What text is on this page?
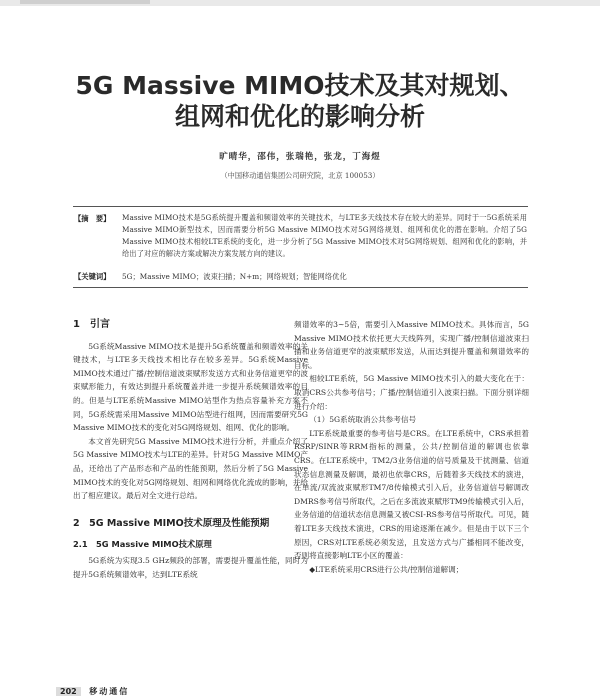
5G Massive MIMO技术及其对规划、
组网和优化的影响分析
旷晴华，邵伟，张瑞艳，张龙，丁海煜
（中国移动通信集团公司研究院，北京 100053）
【摘　要】 Massive MIMO技术是5G系统提升覆盖和频谱效率的关键技术，与LTE多天线技术存在较大的差异。同时于一5G系统采用Massive MIMO新型技术，因而需要分析5G Massive MIMO技术对5G网络规划、组网和优化的潜在影响。介绍了5G Massive MIMO技术相较LTE系统的变化，进一步分析了5G Massive MIMO技术对5G网络规划、组网和优化的影响，并给出了对应的解决方案或解决方案发展方向的建议。

【关键词】 5G；Massive MIMO；波束扫描；N+m；网络规划；智能网络优化
1　引言

5G系统Massive MIMO技术是提升5G系统覆盖和频谱效率的关键技术，与LTE多天线技术相比存在较多差异。5G系统Massive MIMO技术通过广播/控制信道波束赋形发送方式和业务信道更窄的波束赋形能力，有效达到提升系统覆盖并进一步提升系统频谱效率的目的。但是与LTE系统Massive MIMO站型作为热点容量补充方案不同，5G系统需采用Massive MIMO站型进行组网，因而需要研究5G Massive MIMO技术的变化对5G网络规划、组网、优化的影响。

本文首先研究5G Massive MIMO技术进行分析，并重点介绍了5G Massive MIMO技术与LTE的差异。针对5G Massive MIMO产品，还给出了产品形态和产品的性能预期，然后分析了5G Massive MIMO技术的变化对5G网络规划、组网和网络优化流成的影响，并给出了相应建议。最后对全文进行总结。

2　5G Massive MIMO技术原理及性能预期
2.1　5G Massive MIMO技术原理

5G系统为实现3.5 GHz频段的部署，需要提升覆盖性能，同时为提升5G系统频谱效率，达到LTE系统

频谱效率的3~5倍，需要引入Massive MIMO技术。具体而言，5G Massive MIMO技术依托更大天线阵列，实现广播/控制信道波束扫描和业务信道更窄的波束赋形发送，从而达到提升覆盖和频谱效率的目标。

相较LTE系统，5G Massive MIMO技术引入的最大变化在于：取消CRS公共参考信号；广播/控制信道引入波束扫描。下面分别详细进行介绍：

（1）5G系统取消公共参考信号

LTE系统最重要的参考信号是CRS。在LTE系统中，CRS承担着RSRP/SINR等RRM指标的测量，公共/控制信道的解调也依靠CRS。在LTE系统中，TM2/3业务信道的信号质量及干扰测量、信道状态信息测量及解调，最初也依靠CRS，后随着多天线技术的演进，在单流/双流波束赋形TM7/8传输模式引入后，业务信道信号解调改DMRS参考信号所取代，之后在多流波束赋形TM9传输模式引入后，业务信道的信道状态信息测量又被CSI-RS参考信号所取代。可见，随着LTE多天线技术演进，CRS的用途逐渐在减少。但是由于以下三个原因，CRS对LTE系统必须发送，且发送方式与广播相同不能改变，否则将直接影响LTE小区的覆盖：

◆LTE系统采用CRS进行公共/控制信道解调；

202 移动通信
